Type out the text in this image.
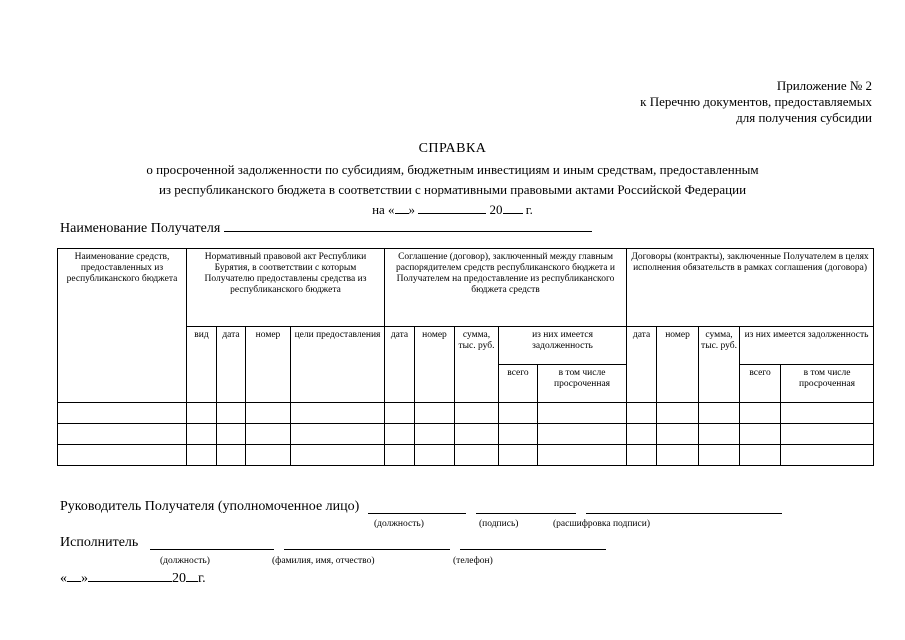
Приложение № 2
к Перечню документов, предоставляемых
для получения субсидии
СПРАВКА
о просроченной задолженности по субсидиям, бюджетным инвестициям и иным средствам, предоставленным
из республиканского бюджета в соответствии с нормативными правовыми актами Российской Федерации
на « »	20 г.
Наименование Получателя
Наименование средств, предоставленных из республиканского бюджета	Нормативный правовой акт Республики Бурятия, в соответствии с которым Получателю предоставлены средства из республиканского бюджета				Соглашение (договор), заключенный между главным распорядителем средств республиканского бюджета и Получателем на предоставление из республиканского бюджета средств					Договоры (контракты), заключенные Получателем в целях исполнения обязательств в рамках соглашения (договора)				
	вид	дата	номер	цели предоставления	дата	номер	сумма, тыс. руб.	из них имеется задолженность		дата	номер	сумма, тыс. руб.	из них имеется задолженность	
								всего	в том числе просроченная				всего	в том числе просроченная

Руководитель Получателя (уполномоченное лицо)
(должность)	(подпись)	(расшифровка подписи)
Исполнитель
(должность)	(фамилия, имя, отчество)	(телефон)
« »	20 г.
